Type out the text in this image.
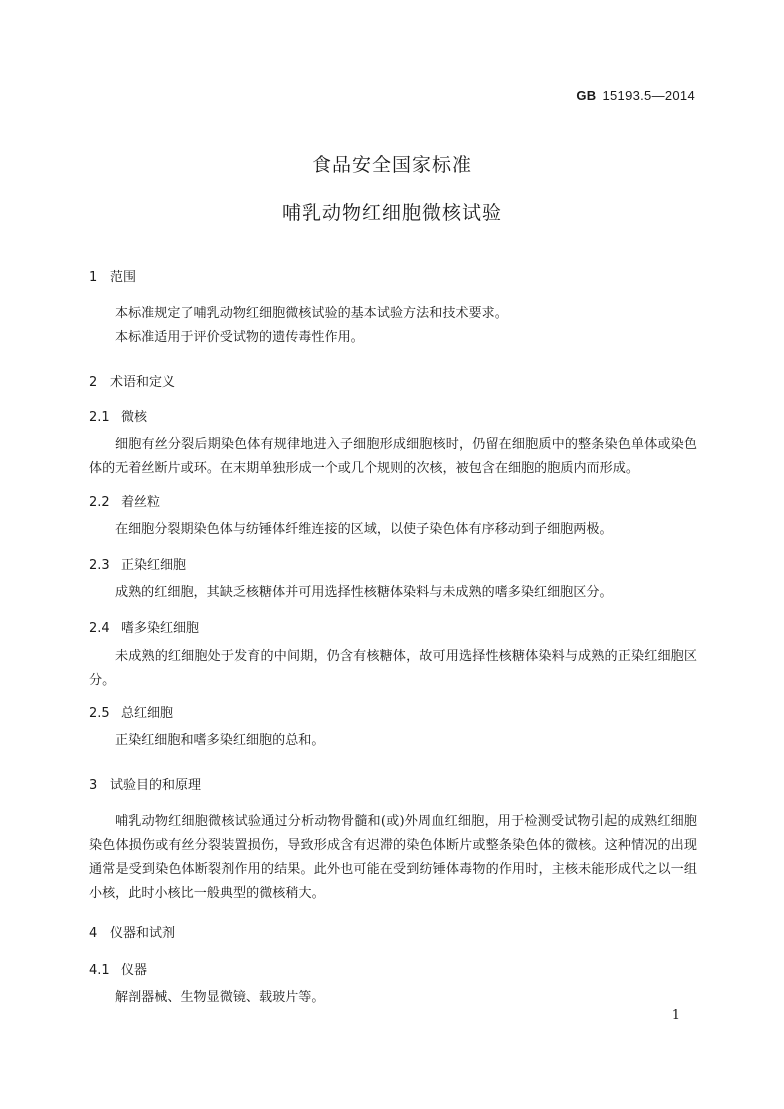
GB 15193.5—2014
食品安全国家标准
哺乳动物红细胞微核试验
1 范围

本标准规定了哺乳动物红细胞微核试验的基本试验方法和技术要求。

本标准适用于评价受试物的遗传毒性作用。

2 术语和定义
2.1 微核

细胞有丝分裂后期染色体有规律地进入子细胞形成细胞核时，仍留在细胞质中的整条染色单体或染色体的无着丝断片或环。在末期单独形成一个或几个规则的次核，被包含在细胞的胞质内而形成。

2.2 着丝粒

在细胞分裂期染色体与纺锤体纤维连接的区域，以使子染色体有序移动到子细胞两极。

2.3 正染红细胞

成熟的红细胞，其缺乏核糖体并可用选择性核糖体染料与未成熟的嗜多染红细胞区分。

2.4 嗜多染红细胞

未成熟的红细胞处于发育的中间期，仍含有核糖体，故可用选择性核糖体染料与成熟的正染红细胞区分。

2.5 总红细胞

正染红细胞和嗜多染红细胞的总和。

3 试验目的和原理

哺乳动物红细胞微核试验通过分析动物骨髓和(或)外周血红细胞，用于检测受试物引起的成熟红细胞染色体损伤或有丝分裂装置损伤，导致形成含有迟滞的染色体断片或整条染色体的微核。这种情况的出现通常是受到染色体断裂剂作用的结果。此外也可能在受到纺锤体毒物的作用时，主核未能形成代之以一组小核，此时小核比一般典型的微核稍大。

4 仪器和试剂
4.1 仪器

解剖器械、生物显微镜、载玻片等。

1
